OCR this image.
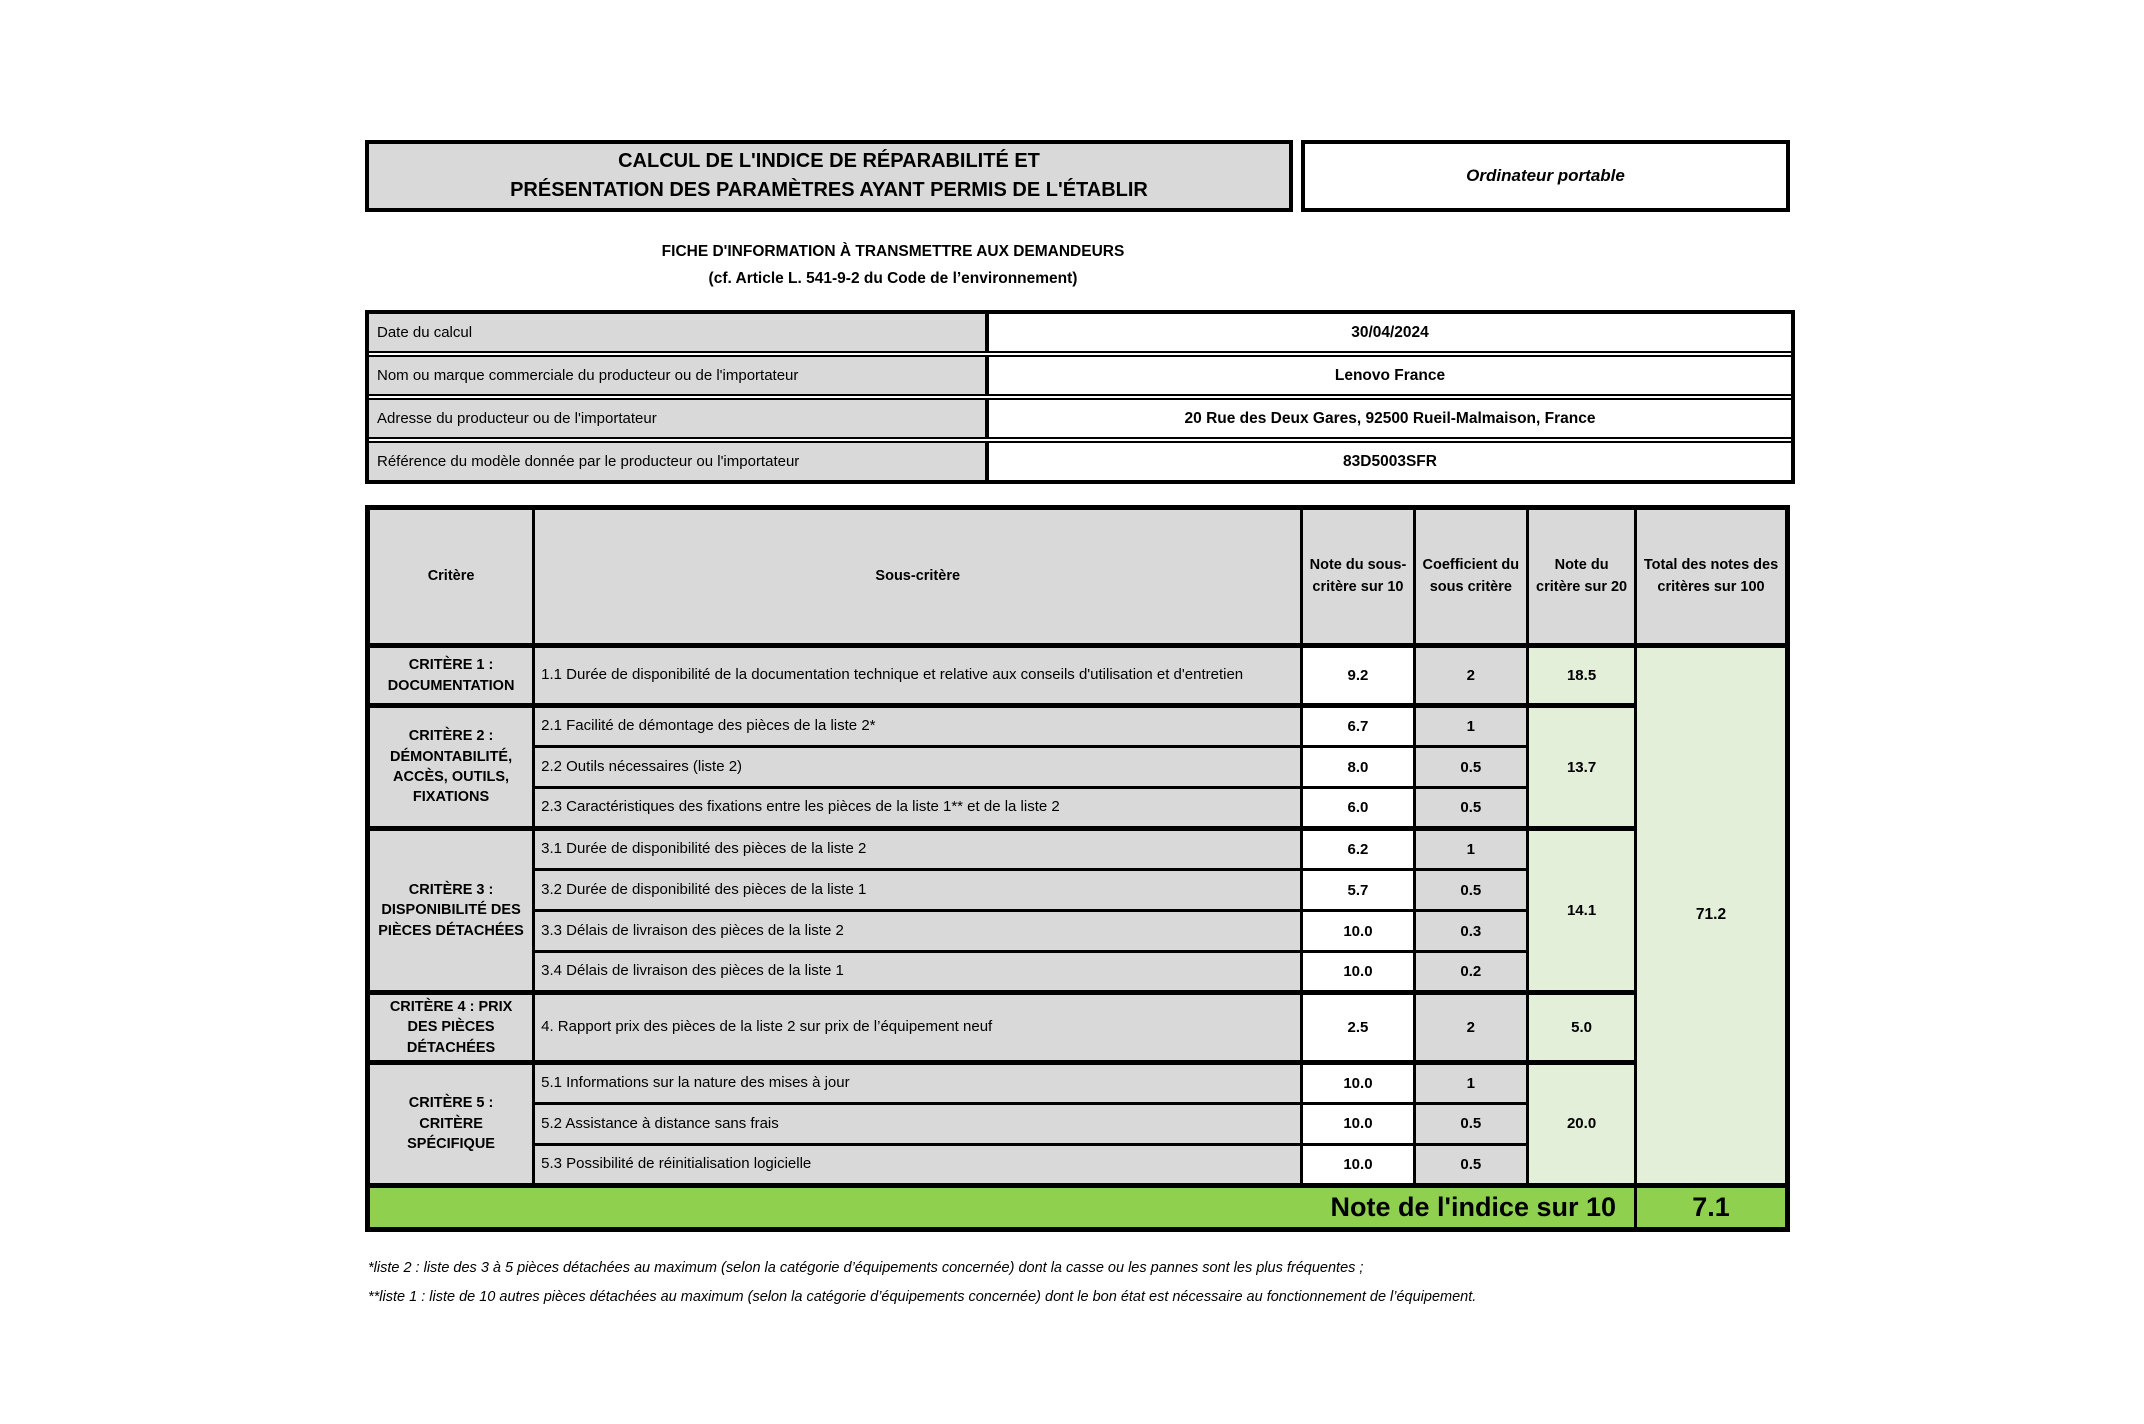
CALCUL DE L'INDICE DE RÉPARABILITÉ ET
PRÉSENTATION DES PARAMÈTRES AYANT PERMIS DE L'ÉTABLIR
Ordinateur portable
FICHE D'INFORMATION À TRANSMETTRE AUX DEMANDEURS
(cf. Article L. 541-9-2 du Code de l’environnement)
Date du calcul	30/04/2024
Nom ou marque commerciale du producteur ou de l'importateur	Lenovo France
Adresse du producteur ou de l'importateur	20 Rue des Deux Gares, 92500 Rueil-Malmaison, France
Référence du modèle donnée par le producteur ou l'importateur	83D5003SFR
Critère	Sous-critère	Note du sous-critère sur 10	Coefficient du sous critère	Note du critère sur 20	Total des notes des critères sur 100
CRITÈRE 1 : DOCUMENTATION	1.1 Durée de disponibilité de la documentation technique et relative aux conseils d'utilisation et d'entretien	9.2	2	18.5	71.2
CRITÈRE 2 : DÉMONTABILITÉ, ACCÈS, OUTILS, FIXATIONS	2.1 Facilité de démontage des pièces de la liste 2*	6.7	1	13.7	
	2.2 Outils nécessaires (liste 2)	8.0	0.5		
	2.3 Caractéristiques des fixations entre les pièces de la liste 1** et de la liste 2	6.0	0.5		
CRITÈRE 3 : DISPONIBILITÉ DES PIÈCES DÉTACHÉES	3.1 Durée de disponibilité des pièces de la liste 2	6.2	1	14.1	
	3.2 Durée de disponibilité des pièces de la liste 1	5.7	0.5		
	3.3 Délais de livraison des pièces de la liste 2	10.0	0.3		
	3.4 Délais de livraison des pièces de la liste 1	10.0	0.2		
CRITÈRE 4 : PRIX DES PIÈCES DÉTACHÉES	4. Rapport prix des pièces de la liste 2 sur prix de l’équipement neuf	2.5	2	5.0	
CRITÈRE 5 : CRITÈRE SPÉCIFIQUE	5.1 Informations sur la nature des mises à jour	10.0	1	20.0	
	5.2 Assistance à distance sans frais	10.0	0.5		
	5.3 Possibilité de réinitialisation logicielle	10.0	0.5		
Note de l'indice sur 10					7.1
*liste 2 : liste des 3 à 5 pièces détachées au maximum (selon la catégorie d’équipements concernée) dont la casse ou les pannes sont les plus fréquentes ;
**liste 1 : liste de 10 autres pièces détachées au maximum (selon la catégorie d’équipements concernée) dont le bon état est nécessaire au fonctionnement de l’équipement.
